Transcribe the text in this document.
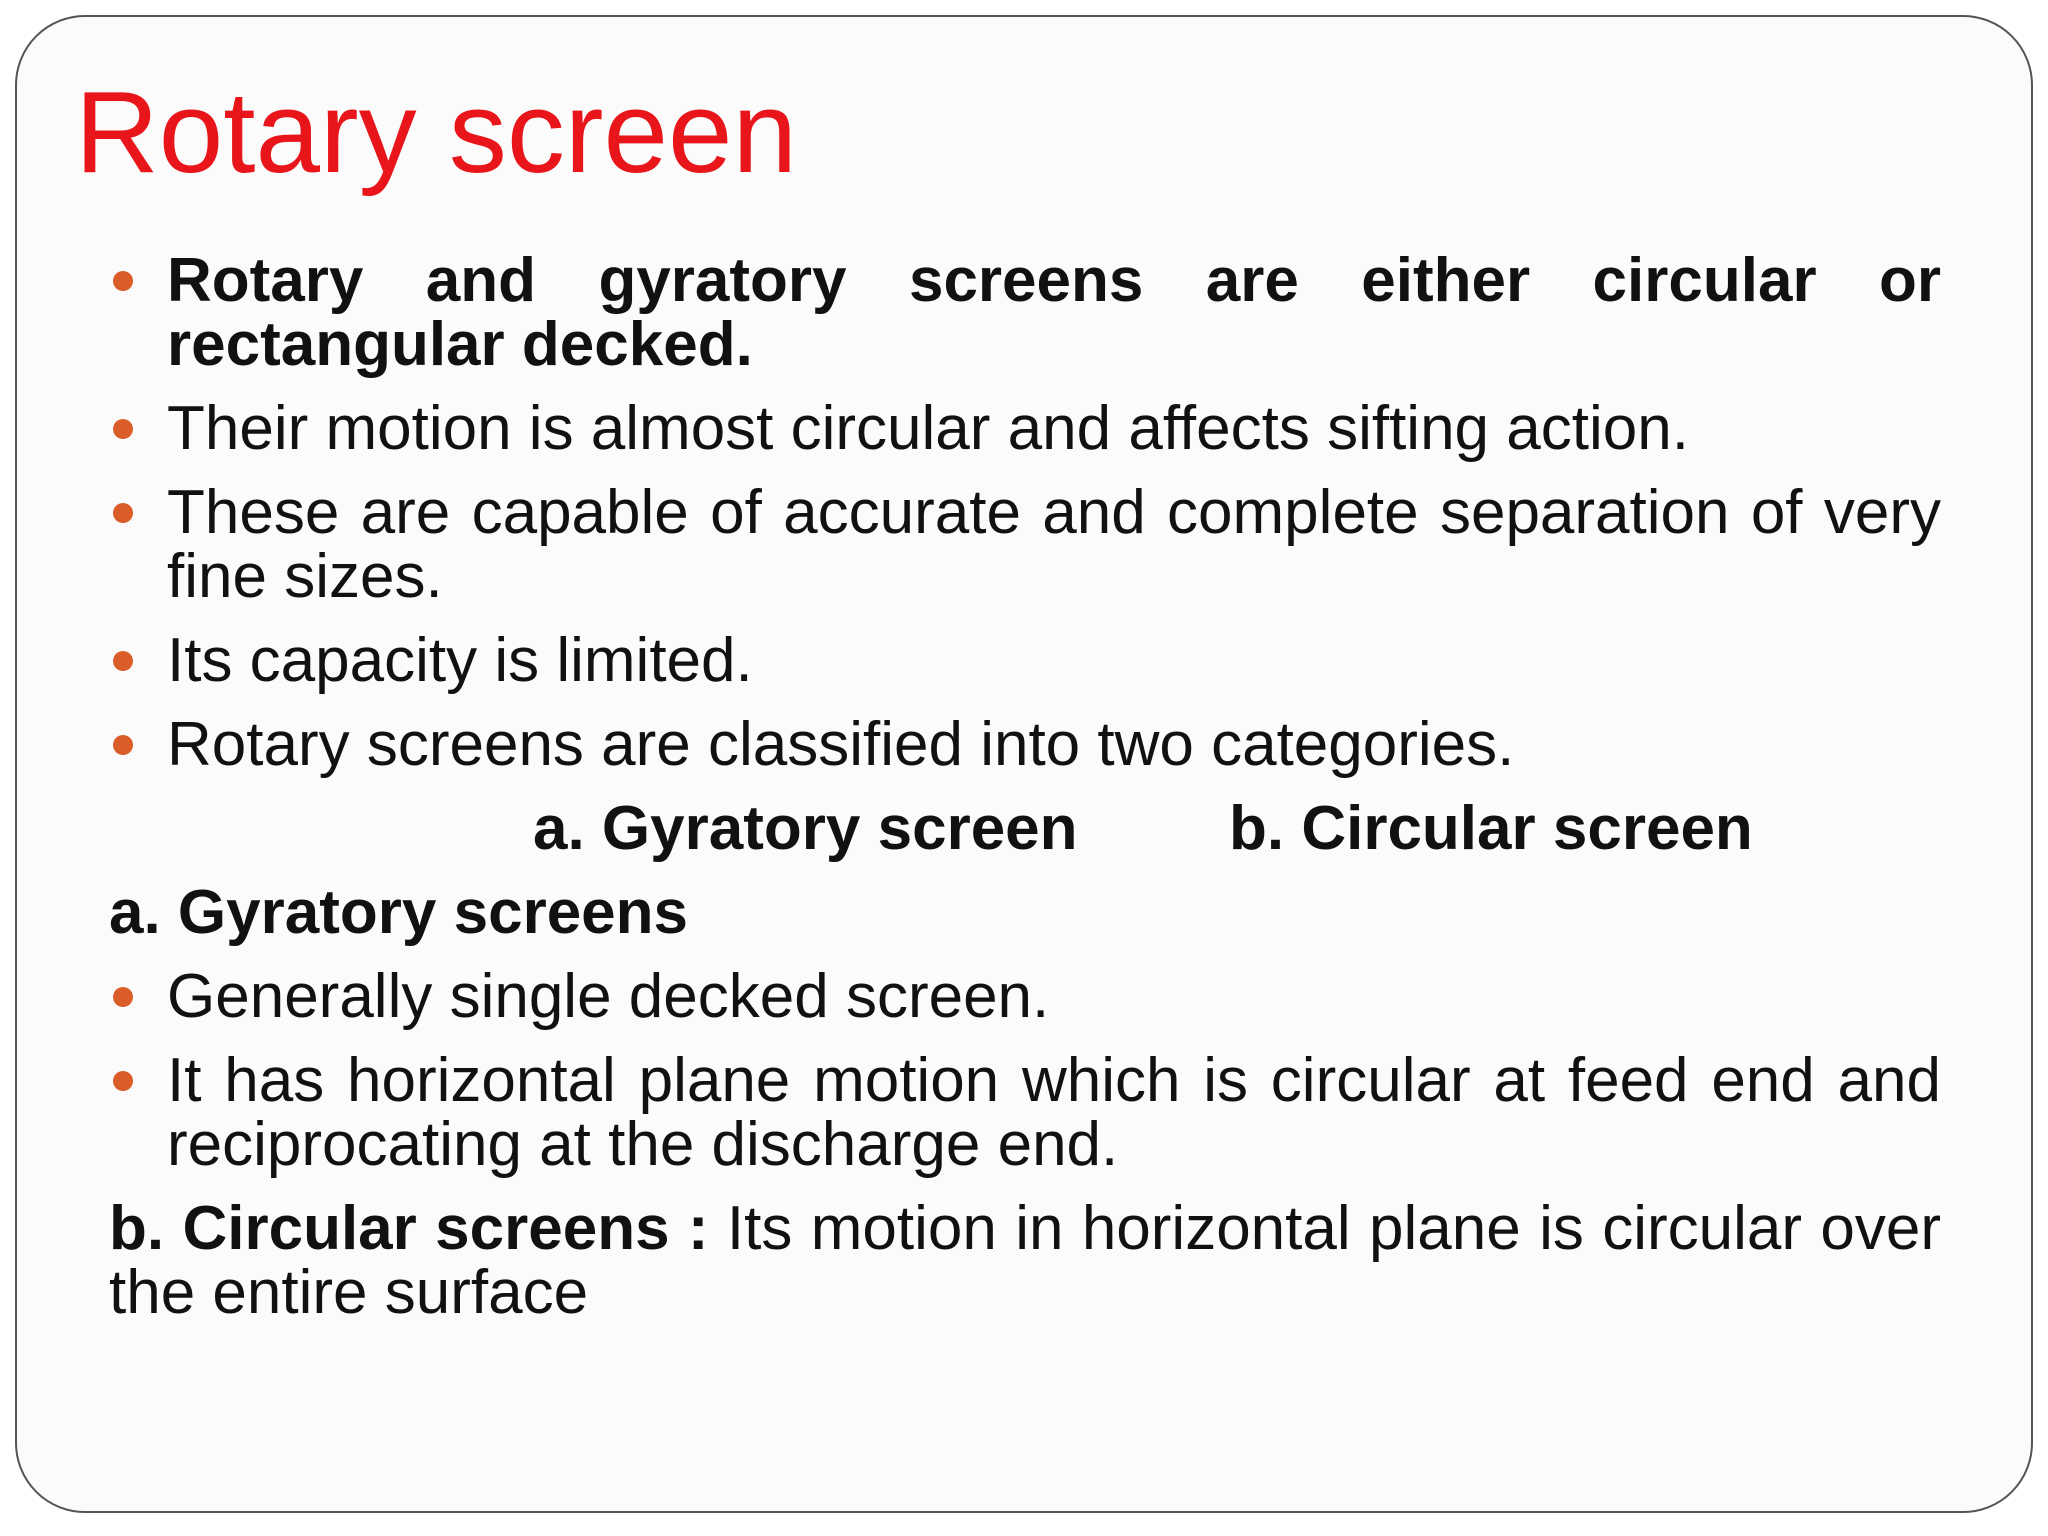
Rotary screen
Rotary and gyratory screens are either circular or rectangular decked.
Their motion is almost circular and affects sifting action.
These are capable of accurate and complete separation of very fine sizes.
Its capacity is limited.
Rotary screens are classified into two categories.
a. Gyratory screen b. Circular screen
a. Gyratory screens
Generally single decked screen.
It has horizontal plane motion which is circular at feed end and reciprocating at the discharge end.
b. Circular screens : Its motion in horizontal plane is circular over the entire surface
